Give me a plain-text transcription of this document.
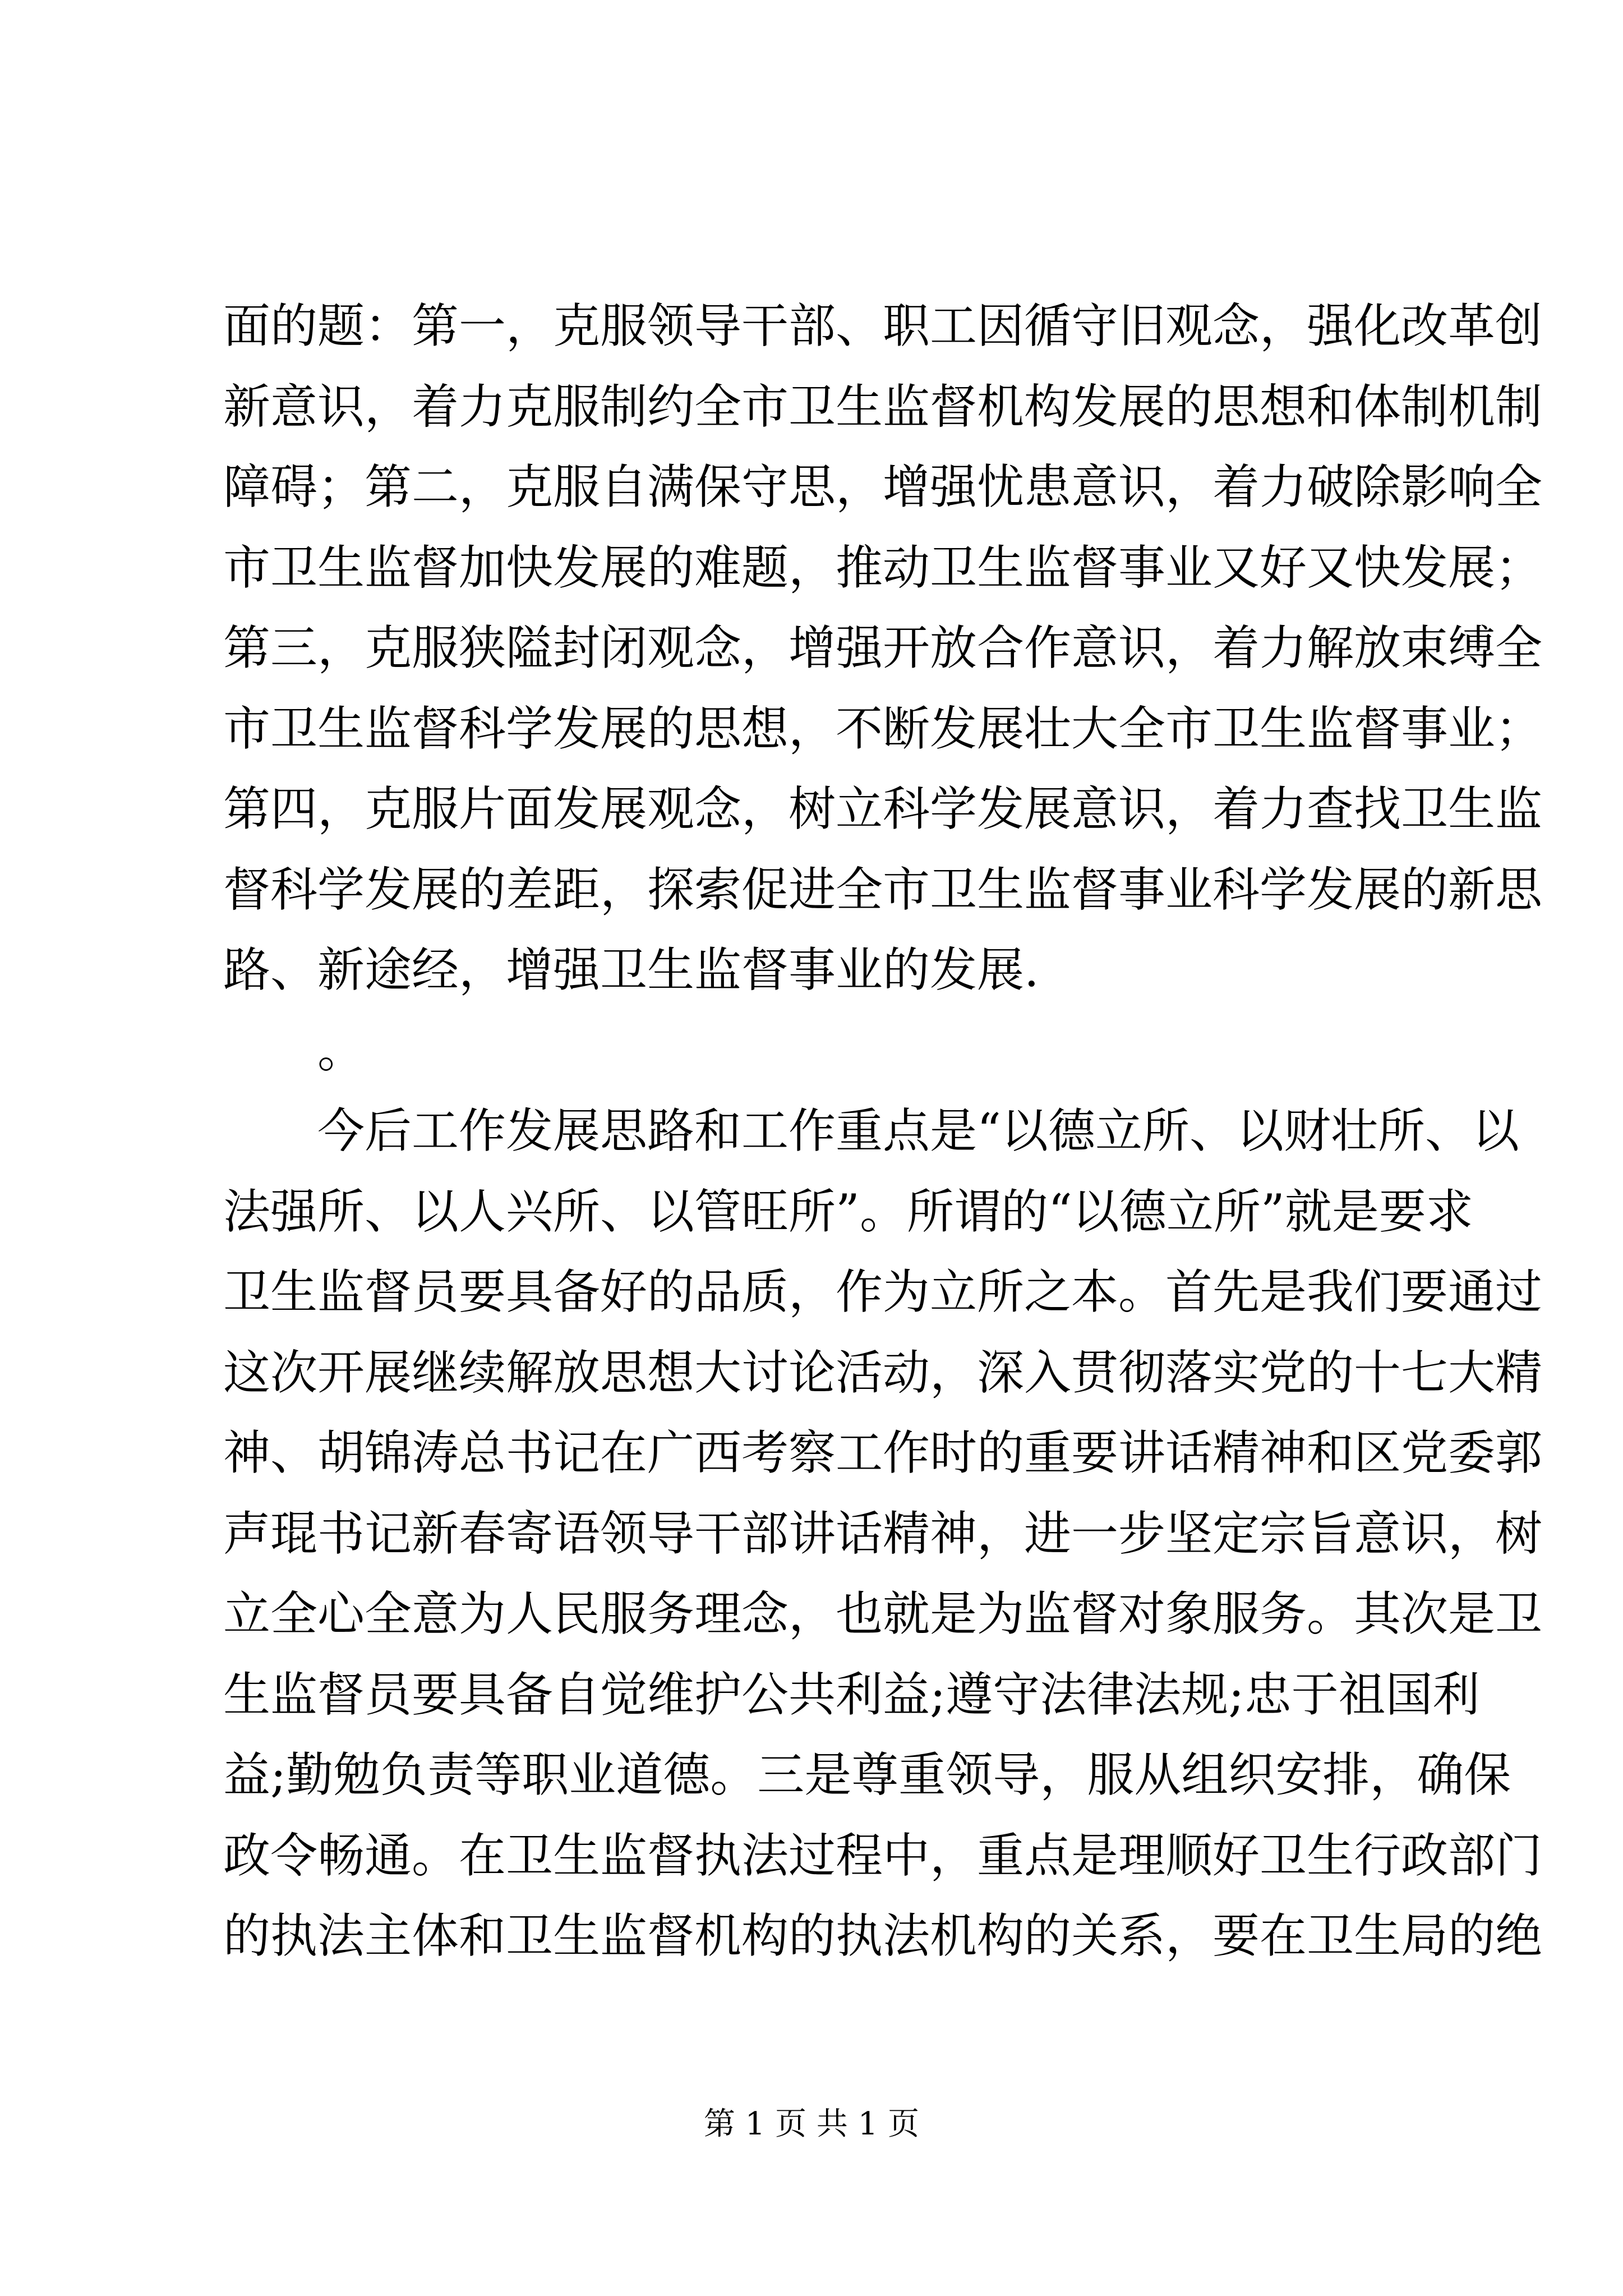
面的题：第一，克服领导干部、职工因循守旧观念，强化改革创
新意识，着力克服制约全市卫生监督机构发展的思想和体制机制
障碍；第二，克服自满保守思，增强忧患意识，着力破除影响全
市卫生监督加快发展的难题，推动卫生监督事业又好又快发展；
第三，克服狭隘封闭观念，增强开放合作意识，着力解放束缚全
市卫生监督科学发展的思想，不断发展壮大全市卫生监督事业；
第四，克服片面发展观念，树立科学发展意识，着力查找卫生监
督科学发展的差距，探索促进全市卫生监督事业科学发展的新思
路、新途经，增强卫生监督事业的发展.
。
今后工作发展思路和工作重点是“以德立所、以财壮所、以
法强所、以人兴所、以管旺所”。所谓的“以德立所”就是要求
卫生监督员要具备好的品质，作为立所之本。首先是我们要通过
这次开展继续解放思想大讨论活动，深入贯彻落实党的十七大精
神、胡锦涛总书记在广西考察工作时的重要讲话精神和区党委郭
声琨书记新春寄语领导干部讲话精神，进一步坚定宗旨意识，树
立全心全意为人民服务理念，也就是为监督对象服务。其次是卫
生监督员要具备自觉维护公共利益;遵守法律法规;忠于祖国利
益;勤勉负责等职业道德。三是尊重领导，服从组织安排，确保
政令畅通。在卫生监督执法过程中，重点是理顺好卫生行政部门
的执法主体和卫生监督机构的执法机构的关系，要在卫生局的绝
第 1 页 共 1 页
